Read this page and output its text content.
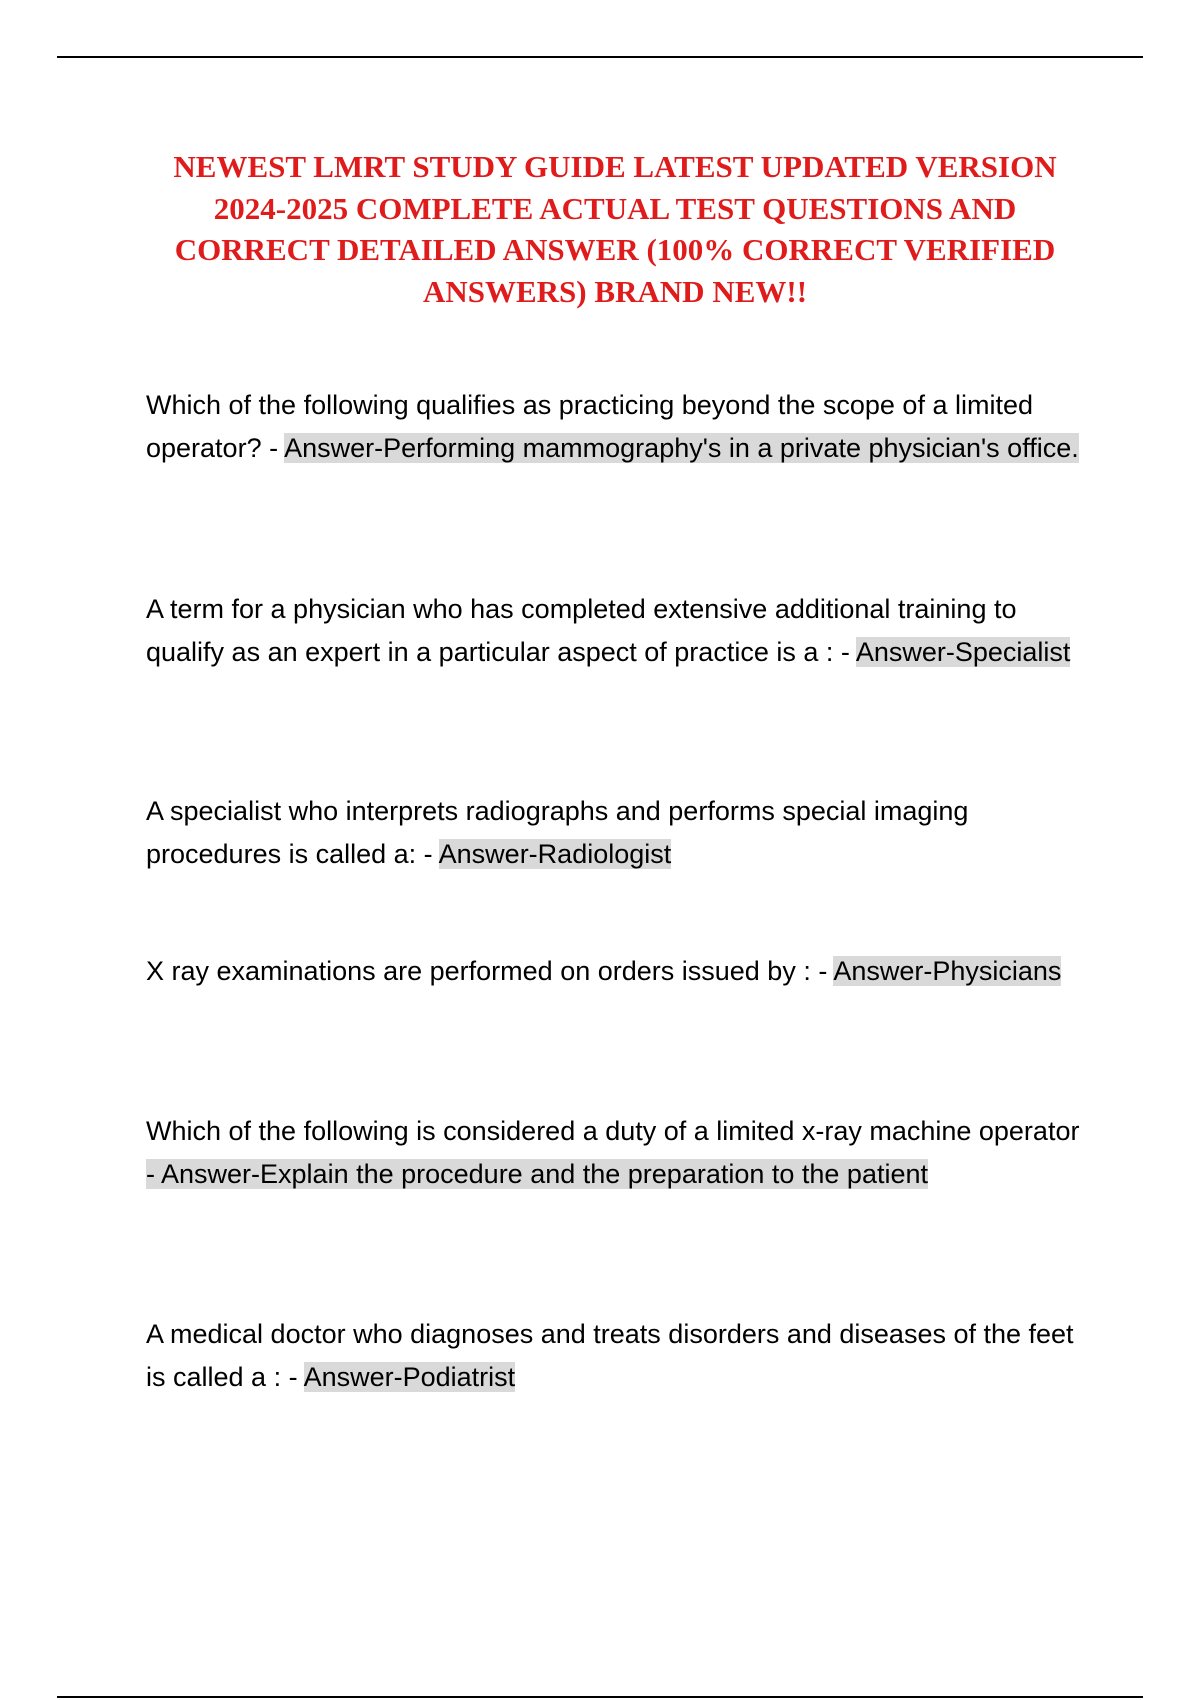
NEWEST LMRT STUDY GUIDE LATEST UPDATED VERSION 2024-2025 COMPLETE ACTUAL TEST QUESTIONS AND CORRECT DETAILED ANSWER (100% CORRECT VERIFIED ANSWERS) BRAND NEW!!

Which of the following qualifies as practicing beyond the scope of a limited operator? - Answer-Performing mammography's in a private physician's office.

A term for a physician who has completed extensive additional training to qualify as an expert in a particular aspect of practice is a : - Answer-Specialist

A specialist who interprets radiographs and performs special imaging procedures is called a: - Answer-Radiologist

X ray examinations are performed on orders issued by : - Answer-Physicians

Which of the following is considered a duty of a limited x-ray machine operator - Answer-Explain the procedure and the preparation to the patient

A medical doctor who diagnoses and treats disorders and diseases of the feet is called a : - Answer-Podiatrist
